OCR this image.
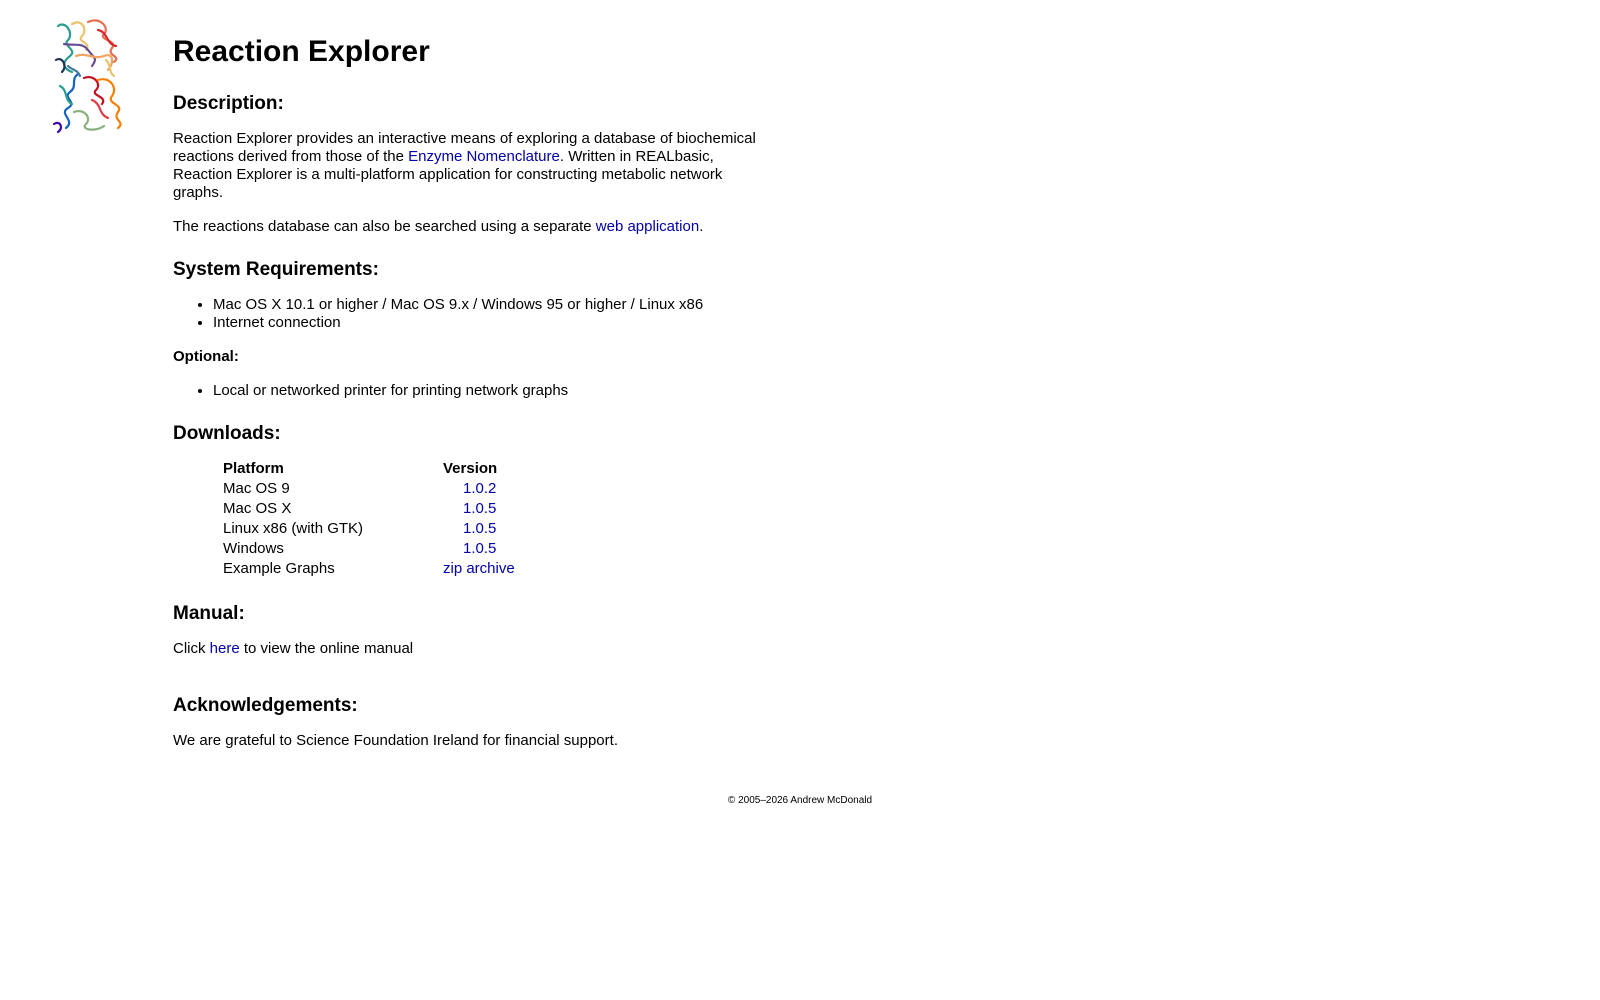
Reaction Explorer
Description:

Reaction Explorer provides an interactive means of exploring a database of biochemical reactions derived from those of the Enzyme Nomenclature. Written in REALbasic, Reaction Explorer is a multi-platform application for constructing metabolic network graphs.

The reactions database can also be searched using a separate web application.

System Requirements:
• Mac OS X 10.1 or higher / Mac OS 9.x / Windows 95 or higher / Linux x86
• Internet connection
Optional:
• Local or networked printer for printing network graphs
Downloads:
Platform	Version
Mac OS 9	1.0.2
Mac OS X	1.0.5
Linux x86 (with GTK)	1.0.5
Windows	1.0.5
Example Graphs	zip archive
Manual:

Click here to view the online manual

Acknowledgements:

We are grateful to Science Foundation Ireland for financial support.

© 2005–2026 Andrew McDonald
